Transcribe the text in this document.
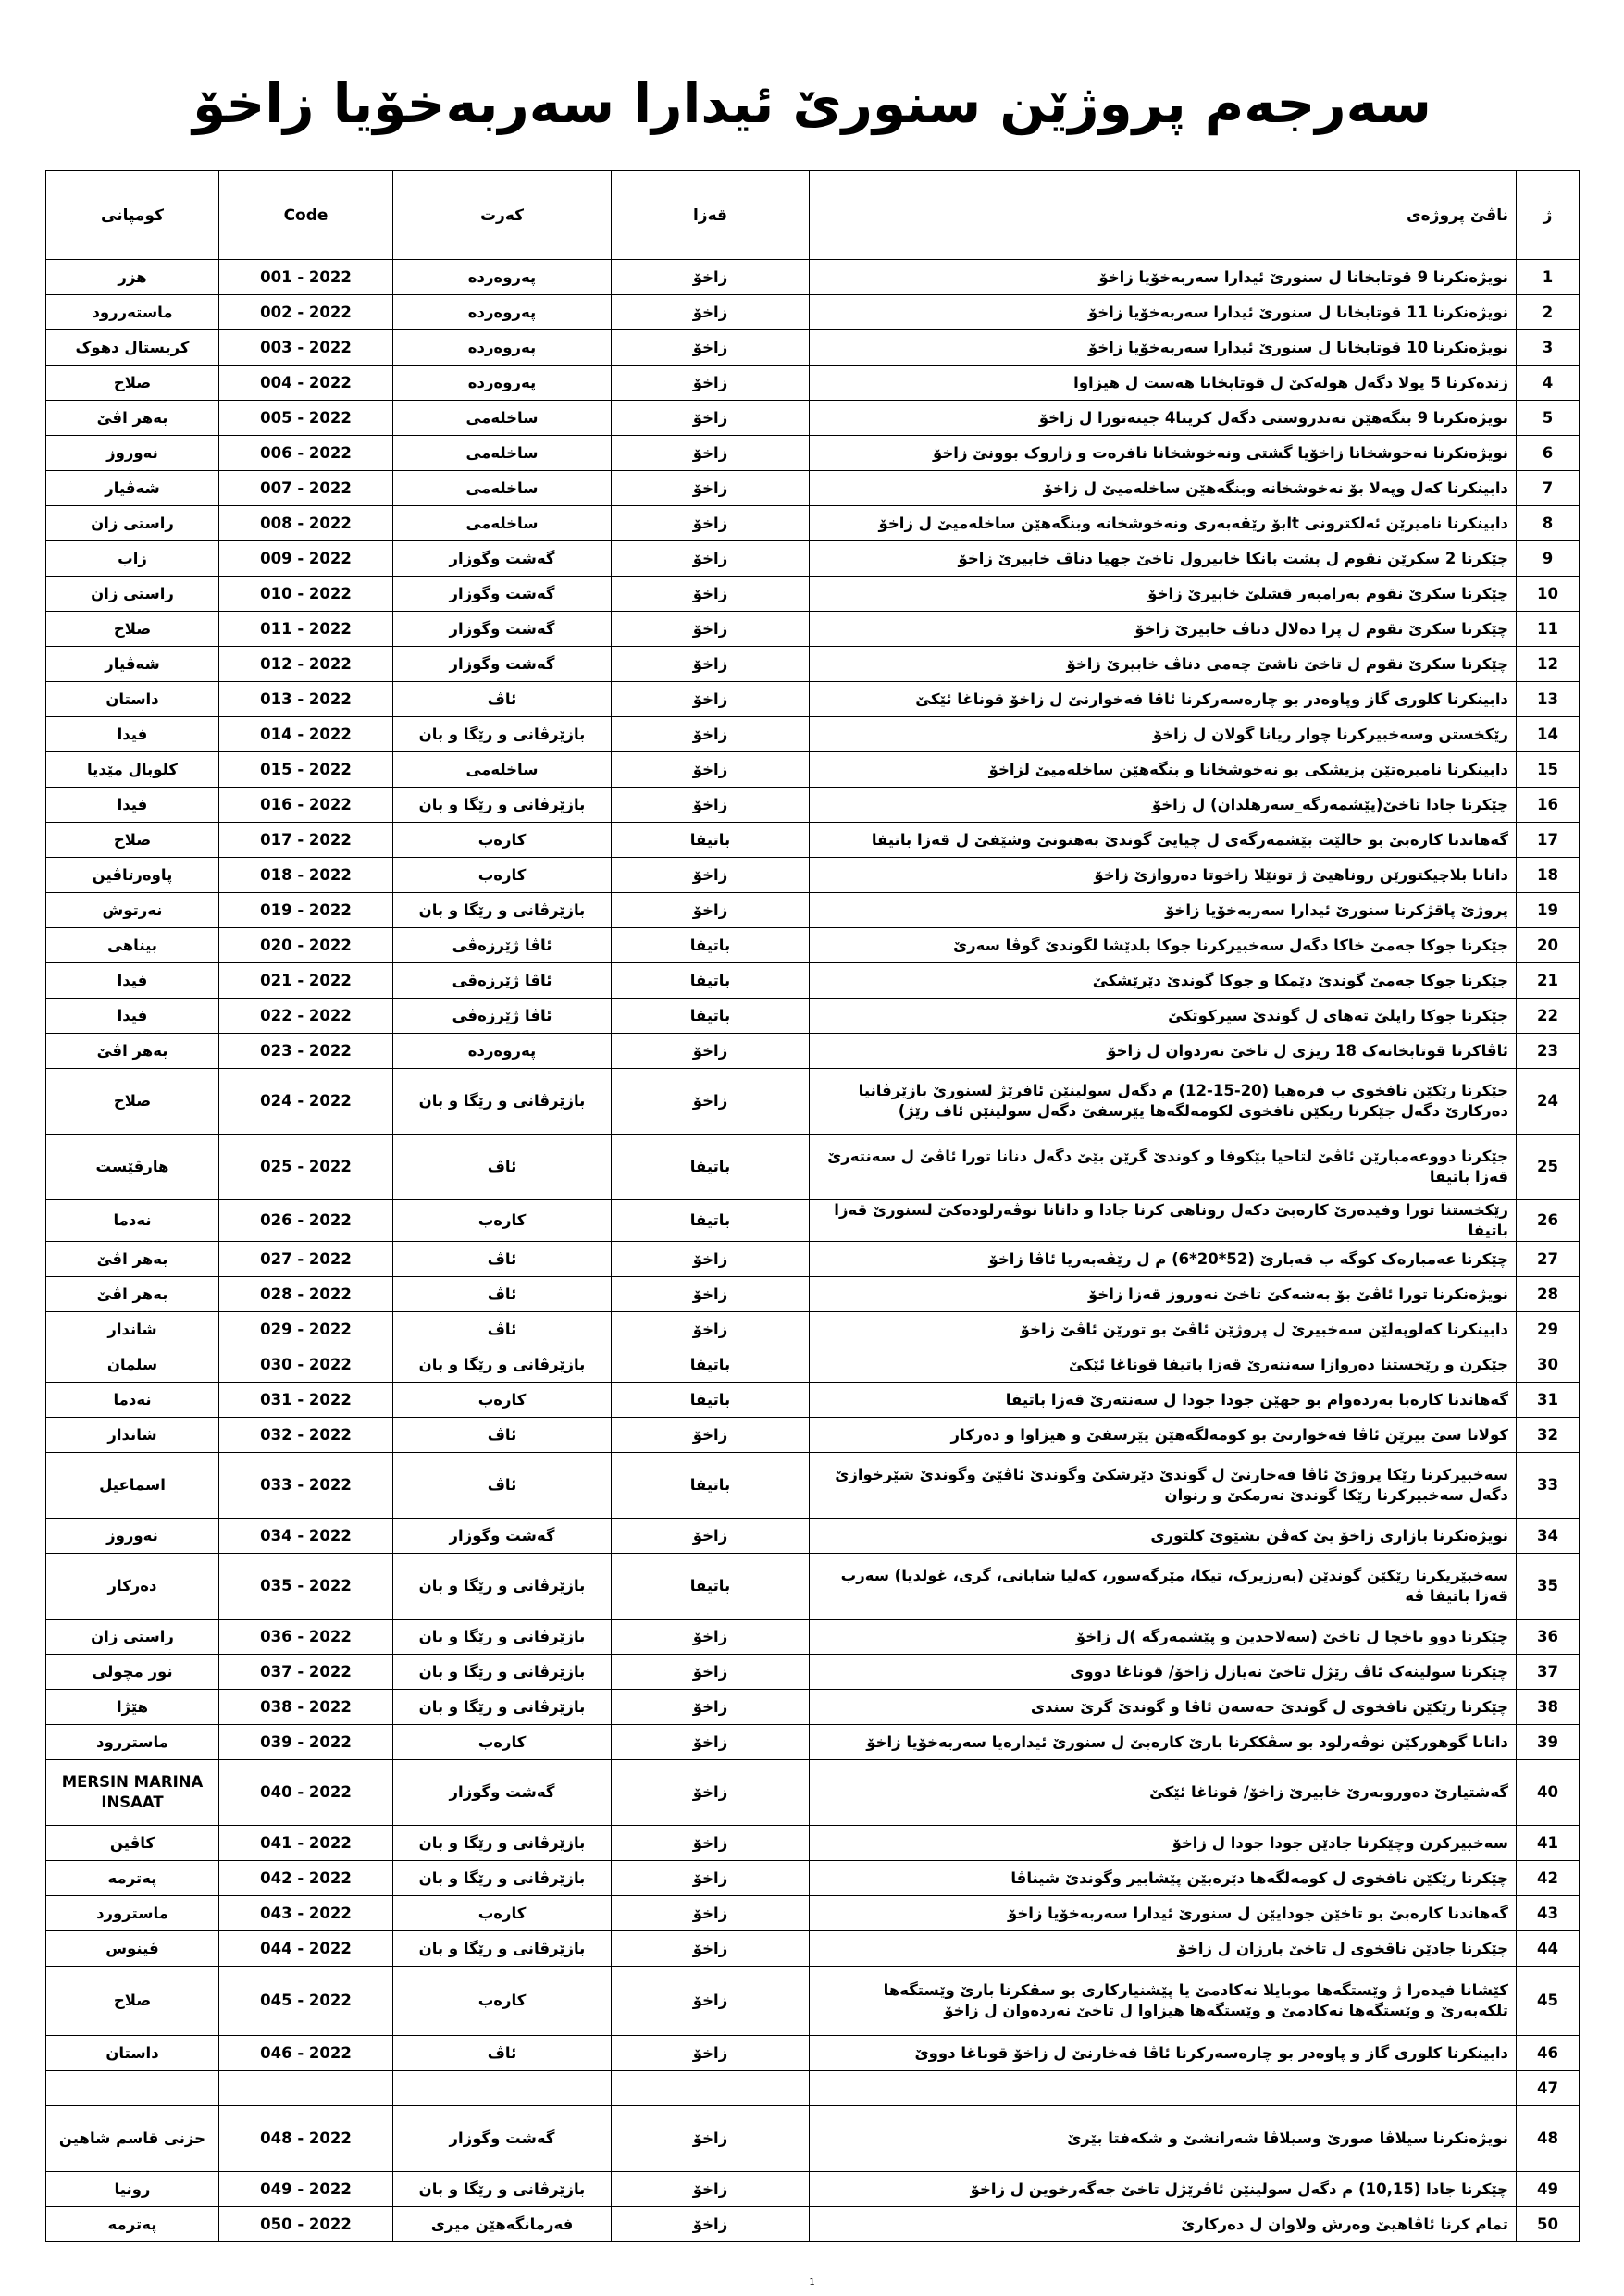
سەرجەم پروژێن سنورێ ئیدارا سەربەخۆیا زاخۆ
ژ	ناڤێ پروژەی	قەزا	کەرت	Code	کومپانی
1	نویژەنکرنا 9 قوتابخانا ل سنورێ ئیدارا سەربەخۆیا زاخۆ	زاخۆ	پەروەردە	001 - 2022	هزر
2	نویژەنکرنا 11 قوتابخانا ل سنورێ ئیدارا سەربەخۆیا زاخۆ	زاخۆ	پەروەردە	002 - 2022	ماستەررود
3	نویژەنکرنا 10 قوتابخانا ل سنورێ ئیدارا سەربەخۆیا زاخۆ	زاخۆ	پەروەردە	003 - 2022	کریستال دهوک
4	زندەکرنا 5 پولا دگەل هولەکێ ل قوتابخانا هەست ل هیزاوا	زاخۆ	پەروەردە	004 - 2022	صلاح
5	نویژەنکرنا 9 بنگەهێن تەندروستی دگەل کرینا4 جینەتورا ل زاخۆ	زاخۆ	ساخلەمی	005 - 2022	بەهر اڤێ
6	نویژەنکرنا نەخوشخانا زاخۆیا گشتی ونەخوشخانا نافرەت و زاروک بوونێ زاخۆ	زاخۆ	ساخلەمی	006 - 2022	نەوروز
7	دابینکرنا کەل وپەلا بۆ نەخوشخانە وبنگەهێن ساخلەمیێ ل زاخۆ	زاخۆ	ساخلەمی	007 - 2022	شەڤیار
8	دابینکرنا نامیرێن ئەلکترونی tابۆ رێڤەبەری ونەخوشخانە وبنگەهێن ساخلەمیێ ل زاخۆ	زاخۆ	ساخلەمی	008 - 2022	راستی زان
9	چێکرنا 2 سکرێن نقوم ل پشت بانکا خابیرول تاخێ جهیا دناڤ خابیرێ زاخۆ	زاخۆ	گەشت وگوزار	009 - 2022	زاب
10	چێکرنا سکرێ نقوم بەرامبەر قشلێ خابیرێ زاخۆ	زاخۆ	گەشت وگوزار	010 - 2022	راستی زان
11	چێکرنا سکرێ نقوم ل پرا دەلال دناڤ خابیرێ زاخۆ	زاخۆ	گەشت وگوزار	011 - 2022	صلاح
12	چێکرنا سکرێ نقوم ل تاخێ ناشێ چەمی دناڤ خابیرێ زاخۆ	زاخۆ	گەشت وگوزار	012 - 2022	شەڤیار
13	دابینکرنا کلوری گاز وپاوەدر بو چارەسەرکرنا ئاڤا فەخوارنێ ل زاخۆ قوناغا ئێکێ	زاخۆ	ئاڤ	013 - 2022	داستان
14	رێکخستن وسەخبیرکرنا چوار ریانا گولان ل زاخۆ	زاخۆ	بازێرڤانی و رێگا و بان	014 - 2022	فیدا
15	دابینکرنا نامیرەتێن پزیشکی بو نەخوشخانا و بنگەهێن ساخلەمیێ لزاخۆ	زاخۆ	ساخلەمی	015 - 2022	کلوبال مێدیا
16	چێکرنا جادا تاخێ(پێشمەرگە_سەرهلدان) ل زاخۆ	زاخۆ	بازێرڤانی و رێگا و بان	016 - 2022	فیدا
17	گەهاندنا کارەبێ بو خالێت بێشمەرگەی ل چیایێ گوندێ بەهنونێ وشێفێ ل قەزا باتیفا	باتیفا	کارەب	017 - 2022	صلاح
18	دانانا بلاچیکتورێن روناهیێ ژ تونێلا زاخوتا دەروازێ زاخۆ	زاخۆ	کارەب	018 - 2022	پاوەرتاڤین
19	پروژێ پاقژکرنا سنورێ ئیدارا سەربەخۆیا زاخۆ	زاخۆ	بازێرڤانی و رێگا و بان	019 - 2022	نەرتوش
20	جێکرنا جوکا جەمێ خاکا دگەل سەخبیرکرنا جوکا بلدێشا لگوندێ گوڤا سەرێ	باتیفا	ئاڤا ژێرزەڤی	020 - 2022	بیناهی
21	جێکرنا جوکا جەمێ گوندێ دێمکا و جوکا گوندێ دێرێشکێ	باتیفا	ئاڤا ژێرزەڤی	021 - 2022	فیدا
22	جێکرنا جوکا راپلێ تەهای ل گوندێ سیرکوتکێ	باتیفا	ئاڤا ژێرزەڤی	022 - 2022	فیدا
23	ئاڤاکرنا قوتابخانەک 18 ریزی ل تاخێ نەردوان ل زاخۆ	زاخۆ	پەروەردە	023 - 2022	بەهر اڤێ
24	جێکرنا رێکێن نافخوی ب فرەهیا (20-15-12) م دگەل سولینێن ئافرێژ لسنورێ بازێرڤانیا دەرکارێ دگەل جێکرنا ریکێن نافخوی لکومەلگەها یێرسفێ دگەل سولینێن ئاف رێژ)	زاخۆ	بازێرڤانی و رێگا و بان	024 - 2022	صلاح
25	جێکرنا دووعەمبارێن ئاڤێ لتاحیا بێکوفا و کوندێ گرێن بێێ دگەل دنانا تورا ئاڤێ ل سەنتەرێ قەزا باتیفا	باتیفا	ئاڤ	025 - 2022	هارڤێست
26	رێکخستنا تورا وفیدەرێ کارەبێ دکەل روناهی کرنا جادا و دانانا نوڤەرلودەکێ لسنورێ قەزا باتیفا	باتیفا	کارەب	026 - 2022	نەدما
27	چێکرنا عەمبارەک کوگە ب قەبارێ (52*20*6) م ل رێڤەبەریا ئاڤا زاخۆ	زاخۆ	ئاڤ	027 - 2022	بەهر اڤێ
28	نویژەنکرنا تورا ئاڤێ بۆ بەشەکێ تاخێ نەوروز قەزا زاخۆ	زاخۆ	ئاڤ	028 - 2022	بەهر اڤێ
29	دابینکرنا کەلوپەلێن سەخبیرێ ل پروژێن ئاڤێ بو تورێن ئاڤێ زاخۆ	زاخۆ	ئاڤ	029 - 2022	شاندار
30	جێکرن و رێخستنا دەروازا سەنتەرێ قەزا باتیفا قوناغا ئێکێ	باتیفا	بازێرڤانی و رێگا و بان	030 - 2022	سلمان
31	گەهاندنا کارەبا بەردەوام بو جهێن جودا جودا ل سەنتەرێ قەزا باتیفا	باتیفا	کارەب	031 - 2022	نەدما
32	کولانا سێ بیرێن ئاڤا فەخوارنێ بو کومەلگەهێن یێرسفێ و هیزاوا و دەرکار	زاخۆ	ئاڤ	032 - 2022	شاندار
33	سەخبیرکرنا رێکا پروژێ ئاڤا فەخارنێ ل گوندێ دێرشکێ وگوندێ ئاڤێێ وگوندێ شێرخوازێ دگەل سەخبیرکرنا رێکا گوندێ نەرمکێ و رنوان	باتیفا	ئاڤ	033 - 2022	اسماعیل
34	نویژەنکرنا بازاری زاخۆ یێ کەڤن بشێوێ کلتوری	زاخۆ	گەشت وگوزار	034 - 2022	نەوروز
35	سەخبێریکرنا رێکێن گوندێن (بەرزیرک، تیکا، مێرگەسور، کەلیا شابانی، گری، غولدیا) سەرب قەزا باتیفا ڤە	باتیفا	بازێرڤانی و رێگا و بان	035 - 2022	دەرکار
36	چێکرنا دوو باخچا ل تاخێ (سەلاحدین و پێشمەرگە )ل زاخۆ	زاخۆ	بازێرڤانی و رێگا و بان	036 - 2022	راستی زان
37	چێکرنا سولینەک ئاڤ رێژل تاخێ نەیازل زاخۆ/ قوناغا دووی	زاخۆ	بازێرڤانی و رێگا و بان	037 - 2022	نور مچولی
38	چێکرنا رێکێن نافخوی ل گوندێ حەسەن ئاڤا و گوندێ گرێ سندی	زاخۆ	بازێرڤانی و رێگا و بان	038 - 2022	هێژا
39	دانانا گوهورکێن نوڤەرلود بو سڤککرنا بارێ کارەبێ ل سنورێ ئیدارەیا سەربەخۆیا زاخۆ	زاخۆ	کارەب	039 - 2022	ماستررود
40	گەشتیارێ دەوروبەرێ خابیرێ زاخۆ/ قوناغا ئێکێ	زاخۆ	گەشت وگوزار	040 - 2022	MERSIN MARINA INSAAT
41	سەخبیرکرن وچێکرنا جادێن جودا جودا ل زاخۆ	زاخۆ	بازێرڤانی و رێگا و بان	041 - 2022	کاڤین
42	چێکرنا رێکێن نافخوی ل کومەلگەها دێرەبێن پێشابیر وگوندێ شیناڤا	زاخۆ	بازێرڤانی و رێگا و بان	042 - 2022	پەترمە
43	گەهاندنا کارەبێ بو تاخێن جودایێن ل سنورێ ئیدارا سەربەخۆیا زاخۆ	زاخۆ	کارەب	043 - 2022	ماسترورد
44	چێکرنا جادێن ناڤخوی ل تاخێ بارزان ل زاخۆ	زاخۆ	بازێرڤانی و رێگا و بان	044 - 2022	ڤینوس
45	کێشانا فیدەرا ژ وێستگەها موبایلا نەکادمێ یا پێشنیارکاری بو سڤکرنا بارێ وێستگەها تلکەبەرێ و وێستگەها نەکادمێ و وێستگەها هیزاوا ل تاخێ نەردەوان ل زاخۆ	زاخۆ	کارەب	045 - 2022	صلاح
46	دابینکرنا کلوری گاز و پاوەدر بو چارەسەرکرنا ئاڤا فەخارنێ ل زاخۆ قوناغا دووێ	زاخۆ	ئاڤ	046 - 2022	داستان
47					
48	نویژەنکرنا سیلاڤا صورێ وسیلاڤا شەرانشێ و شکەفتا بێرێ	زاخۆ	گەشت وگوزار	048 - 2022	حزنی قاسم شاهین
49	چێکرنا جادا (10,15) م دگەل سولینێن ئاڤرێژل تاخێ جەگەرخوین ل زاخۆ	زاخۆ	بازێرڤانی و رێگا و بان	049 - 2022	رونیا
50	تمام کرنا ئاڤاهیێ وەرش ولاوان ل دەرکارێ	زاخۆ	فەرمانگەهێن میری	050 - 2022	پەترمە
1
